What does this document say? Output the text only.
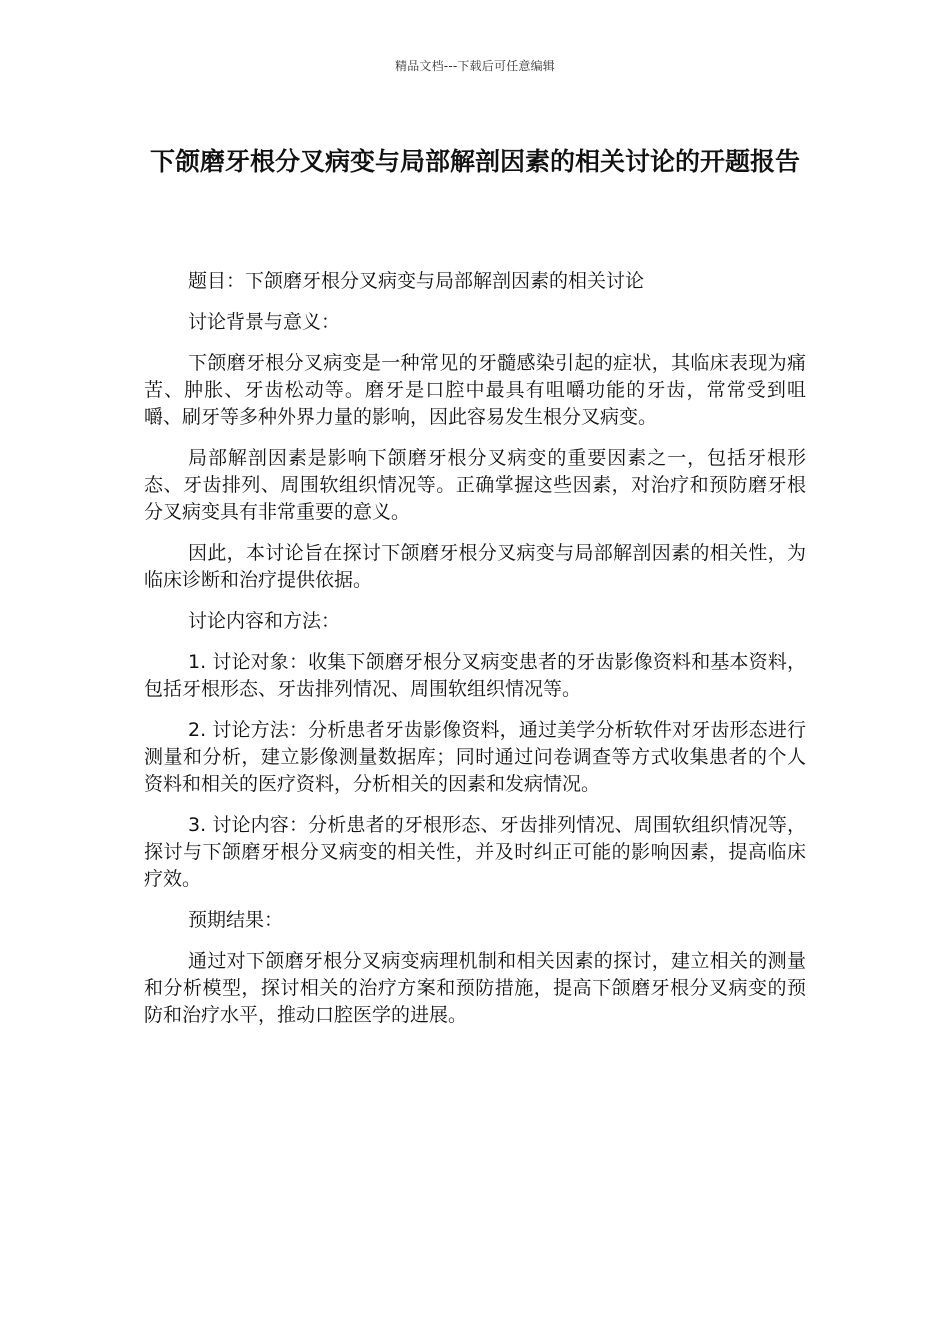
精品文档---下载后可任意编辑
下颌磨牙根分叉病变与局部解剖因素的相关讨论的开题报告

题目：下颌磨牙根分叉病变与局部解剖因素的相关讨论

讨论背景与意义：

下颌磨牙根分叉病变是一种常见的牙髓感染引起的症状，其临床表现为痛苦、肿胀、牙齿松动等。磨牙是口腔中最具有咀嚼功能的牙齿，常常受到咀嚼、刷牙等多种外界力量的影响，因此容易发生根分叉病变。

局部解剖因素是影响下颌磨牙根分叉病变的重要因素之一，包括牙根形态、牙齿排列、周围软组织情况等。正确掌握这些因素，对治疗和预防磨牙根分叉病变具有非常重要的意义。

因此，本讨论旨在探讨下颌磨牙根分叉病变与局部解剖因素的相关性，为临床诊断和治疗提供依据。

讨论内容和方法：

1. 讨论对象：收集下颌磨牙根分叉病变患者的牙齿影像资料和基本资料，包括牙根形态、牙齿排列情况、周围软组织情况等。

2. 讨论方法：分析患者牙齿影像资料，通过美学分析软件对牙齿形态进行测量和分析，建立影像测量数据库；同时通过问卷调查等方式收集患者的个人资料和相关的医疗资料，分析相关的因素和发病情况。

3. 讨论内容：分析患者的牙根形态、牙齿排列情况、周围软组织情况等，探讨与下颌磨牙根分叉病变的相关性，并及时纠正可能的影响因素，提高临床疗效。

预期结果：

通过对下颌磨牙根分叉病变病理机制和相关因素的探讨，建立相关的测量和分析模型，探讨相关的治疗方案和预防措施，提高下颌磨牙根分叉病变的预防和治疗水平，推动口腔医学的进展。
